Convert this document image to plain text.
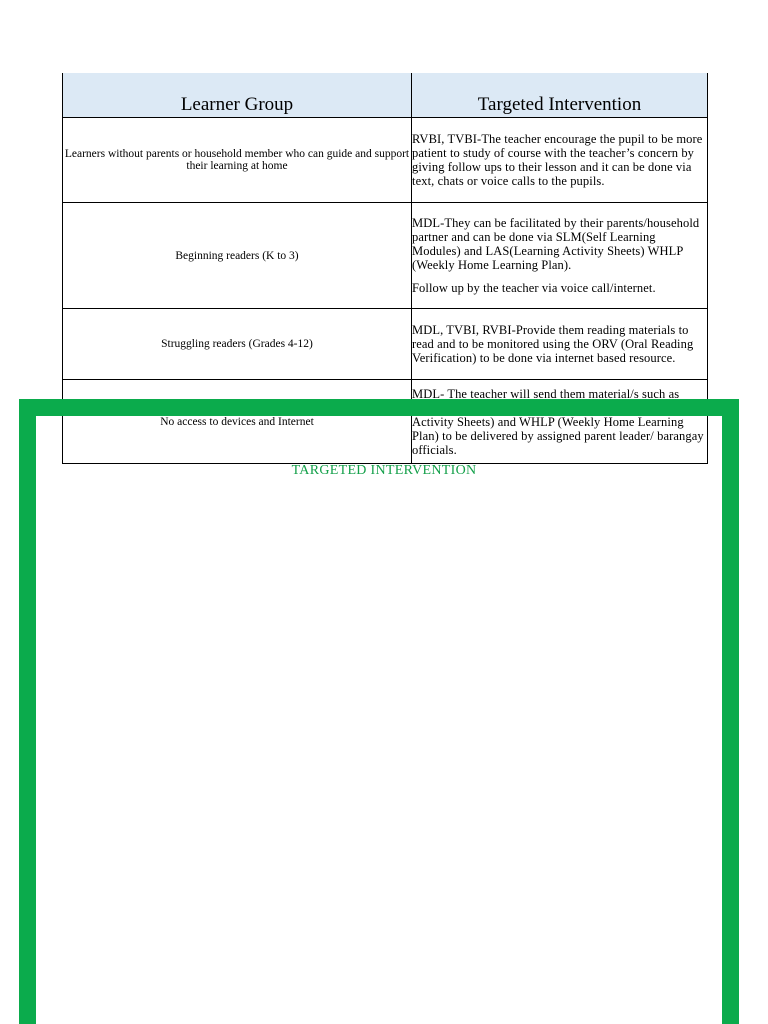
Learner Group	Targeted Intervention
Learners without parents or household member who can guide and support their learning at home	RVBI, TVBI-The teacher encourage the pupil to be more patient to study of course with the teacher’s concern by giving follow ups to their lesson and it can be done via text, chats or voice calls to the pupils.

Beginning readers (K to 3)	MDL-They can be facilitated by their parents/household partner and can be done via SLM(Self Learning Modules) and LAS(Learning Activity Sheets) WHLP (Weekly Home Learning Plan).

Follow up by the teacher via voice call/internet.

Struggling readers (Grades 4-12)	MDL, TVBI, RVBI-Provide them reading materials to read and to be monitored using the ORV (Oral Reading Verification) to be done via internet based resource.

No access to devices and Internet	MDL- The teacher will send them material/s such as SLM (Self Learning Modules), LAS (Self Learning Activity Sheets) and WHLP (Weekly Home Learning Plan) to be delivered by assigned parent leader/ barangay officials.

TARGETED INTERVENTION
